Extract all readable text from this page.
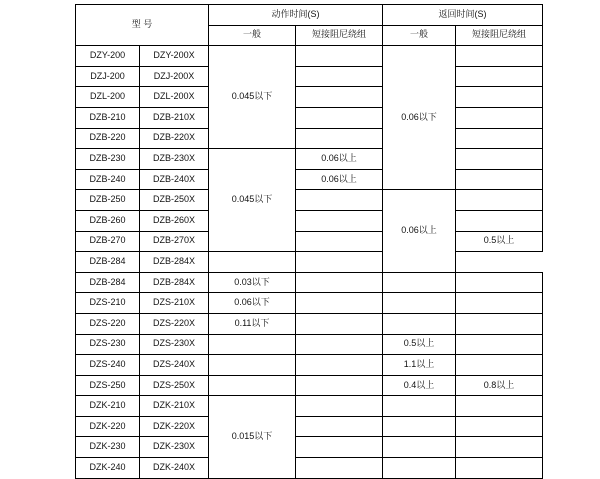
型 号		动作时间(S)		返回时间(S)	
		一般	短接阻尼绕组	一般	短接阻尼绕组
DZY-200	DZY-200X	0.045以下		0.06以下	
DZJ-200	DZJ-200X				
DZL-200	DZL-200X				
DZB-210	DZB-210X				
DZB-220	DZB-220X				
DZB-230	DZB-230X	0.045以下	0.06以上		
DZB-240	DZB-240X		0.06以上		
DZB-250	DZB-250X			0.06以上	
DZB-260	DZB-260X				
DZB-270	DZB-270X				0.5以上
DZB-284	DZB-284X				
DZB-284	DZB-284X	0.03以下			
DZS-210	DZS-210X	0.06以下			
DZS-220	DZS-220X	0.11以下			
DZS-230	DZS-230X			0.5以上	
DZS-240	DZS-240X			1.1以上	
DZS-250	DZS-250X			0.4以上	0.8以上
DZK-210	DZK-210X	0.015以下			
DZK-220	DZK-220X				
DZK-230	DZK-230X				
DZK-240	DZK-240X				
